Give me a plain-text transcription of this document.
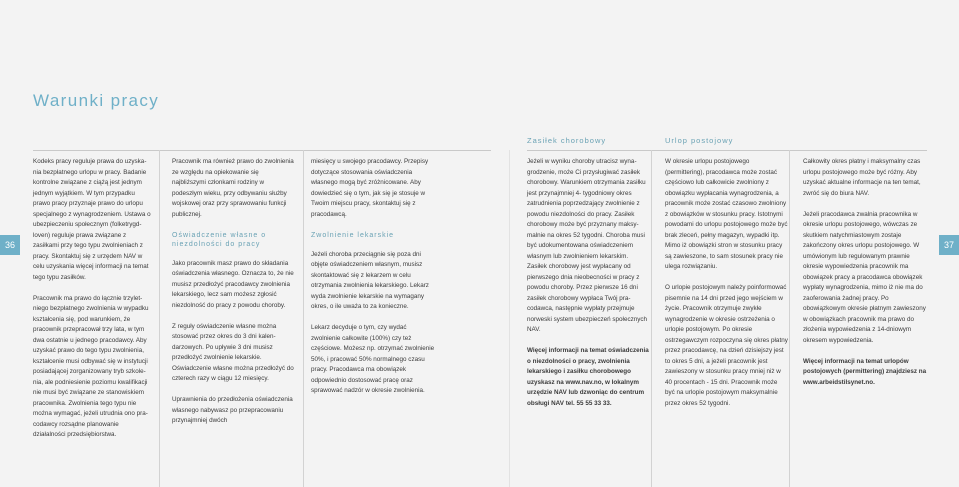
Warunki pracy
Zasiłek chorobowy	Urlop postojowy
36	37

Kodeks pracy reguluje prawa do uzyskania bezpłatnego urlopu w pracy. Badanie kontrolne związane z ciążą jest jednym jednym wyjątkiem. W tym przypadku prawo pracy przyznaje prawo do urlopu specjalnego z wynagrodzeniem. Ustawa o ubezpieczeniu społecznym (folketrygdloven) reguluje prawa związane z zasiłkami przy tego typu zwolnieniach z pracy. Skontaktuj się z urzędem NAV w celu uzyskania więcej informacji na temat tego typu zasiłków.

Pracownik ma prawo do łącznie trzyletniego bezpłatnego zwolnienia w wypadku kształcenia się, pod warunkiem, że pracownik przepracował trzy lata, w tym dwa ostatnie u jednego pracodawcy. Aby uzyskać prawo do tego typu zwolnienia, kształcenie musi odbywać się w instytucji posiadającej zorganizowany tryb szkolenia, ale podniesienie poziomu kwalifikacji nie musi być związane ze stanowiskiem pracownika. Zwolnienia tego typu nie można wymagać, jeżeli utrudnia ono pracodawcy rozsądne planowanie działalności przedsiębiorstwa.

Pracownik ma również prawo do zwolnienia ze względu na opiekowanie się najbliższymi członkami rodziny w podeszłym wieku, przy odbywaniu służby wojskowej oraz przy sprawowaniu funkcji publicznej.

Oświadczenie własne o niezdolności do pracy

Jako pracownik masz prawo do składania oświadczenia własnego. Oznacza to, że nie musisz przedłożyć pracodawcy zwolnienia lekarskiego, lecz sam możesz zgłosić niezdolność do pracy z powodu choroby.

Z reguły oświadczenie własne można stosować przez okres do 3 dni kalendarzowych. Po upływie 3 dni musisz przedłożyć zwolnienie lekarskie. Oświadczenie własne można przedłożyć do czterech razy w ciągu 12 miesięcy.

Uprawnienia do przedłożenia oświadczenia własnego nabywasz po przepracowaniu przynajmniej dwóch

miesięcy u swojego pracodawcy. Przepisy dotyczące stosowania oświadczenia własnego mogą być zróżnicowane. Aby dowiedzieć się o tym, jak się je stosuje w Twoim miejscu pracy, skontaktuj się z pracodawcą.

Zwolnienie lekarskie

Jeżeli choroba przeciągnie się poza dni objęte oświadczeniem własnym, musisz skontaktować się z lekarzem w celu otrzymania zwolnienia lekarskiego. Lekarz wyda zwolnienie lekarskie na wymagany okres, o ile uważa to za konieczne.

Lekarz decyduje o tym, czy wydać zwolnienie całkowite (100%) czy też częściowe. Możesz np. otrzymać zwolnienie 50%, i pracować 50% normalnego czasu pracy. Pracodawca ma obowiązek odpowiednio dostosować pracę oraz sprawować nadzór w okresie zwolnienia.

Jeżeli w wyniku choroby utracisz wynagrodzenie, może Ci przysługiwać zasiłek chorobowy. Warunkiem otrzymania zasiłku jest przynajmniej 4- tygodniowy okres zatrudnienia poprzedzający zwolnienie z powodu niezdolności do pracy. Zasiłek chorobowy może być przyznany maksymalnie na okres 52 tygodni. Choroba musi być udokumentowana oświadczeniem własnym lub zwolnieniem lekarskim. Zasiłek chorobowy jest wypłacany od pierwszego dnia nieobecności w pracy z powodu choroby. Przez pierwsze 16 dni zasiłek chorobowy wypłaca Twój pracodawca, następnie wypłaty przejmuje norweski system ubezpieczeń społecznych NAV.

Więcej informacji na temat oświadczenia o niezdolności o pracy, zwolnienia lekarskiego i zasiłku chorobowego uzyskasz na www.nav.no, w lokalnym urzędzie NAV lub dzwoniąc do centrum obsługi NAV tel. 55 55 33 33.

W okresie urlopu postojowego (permittering), pracodawca może zostać częściowo lub całkowicie zwolniony z obowiązku wypłacania wynagrodzenia, a pracownik może zostać czasowo zwolniony z obowiązków w stosunku pracy. Istotnymi powodami do urlopu postojowego może być brak zleceń, pełny magazyn, wypadki itp. Mimo iż obowiązki stron w stosunku pracy są zawieszone, to sam stosunek pracy nie ulega rozwiązaniu.

O urlopie postojowym należy poinformować pisemnie na 14 dni przed jego wejściem w życie. Pracownik otrzymuje zwykłe wynagrodzenie w okresie ostrzeżenia o urlopie postojowym. Po okresie ostrzegawczym rozpoczyna się okres płatny przez pracodawcę, na dzień dzisiejszy jest to okres 5 dni, a jeżeli pracownik jest zawieszony w stosunku pracy mniej niż w 40 procentach - 15 dni. Pracownik może być na urlopie postojowym maksymalnie przez okres 52 tygodni.

Całkowity okres płatny i maksymalny czas urlopu postojowego może być różny. Aby uzyskać aktualne informacje na ten temat, zwróć się do biura NAV.

Jeżeli pracodawca zwalnia pracownika w okresie urlopu postojowego, wówczas ze skutkiem natychmiastowym zostaje zakończony okres urlopu postojowego. W umówionym lub regulowanym prawnie okresie wypowiedzenia pracownik ma obowiązek pracy a pracodawca obowiązek wypłaty wynagrodzenia, mimo iż nie ma do zaoferowania żadnej pracy. Po obowiązkowym okresie płatnym zawieszony w obowiązkach pracownik ma prawo do złożenia wypowiedzenia z 14-dniowym okresem wypowiedzenia.

Więcej informacji na temat urlopów postojowych (permittering) znajdziesz na www.arbeidstilsynet.no.
